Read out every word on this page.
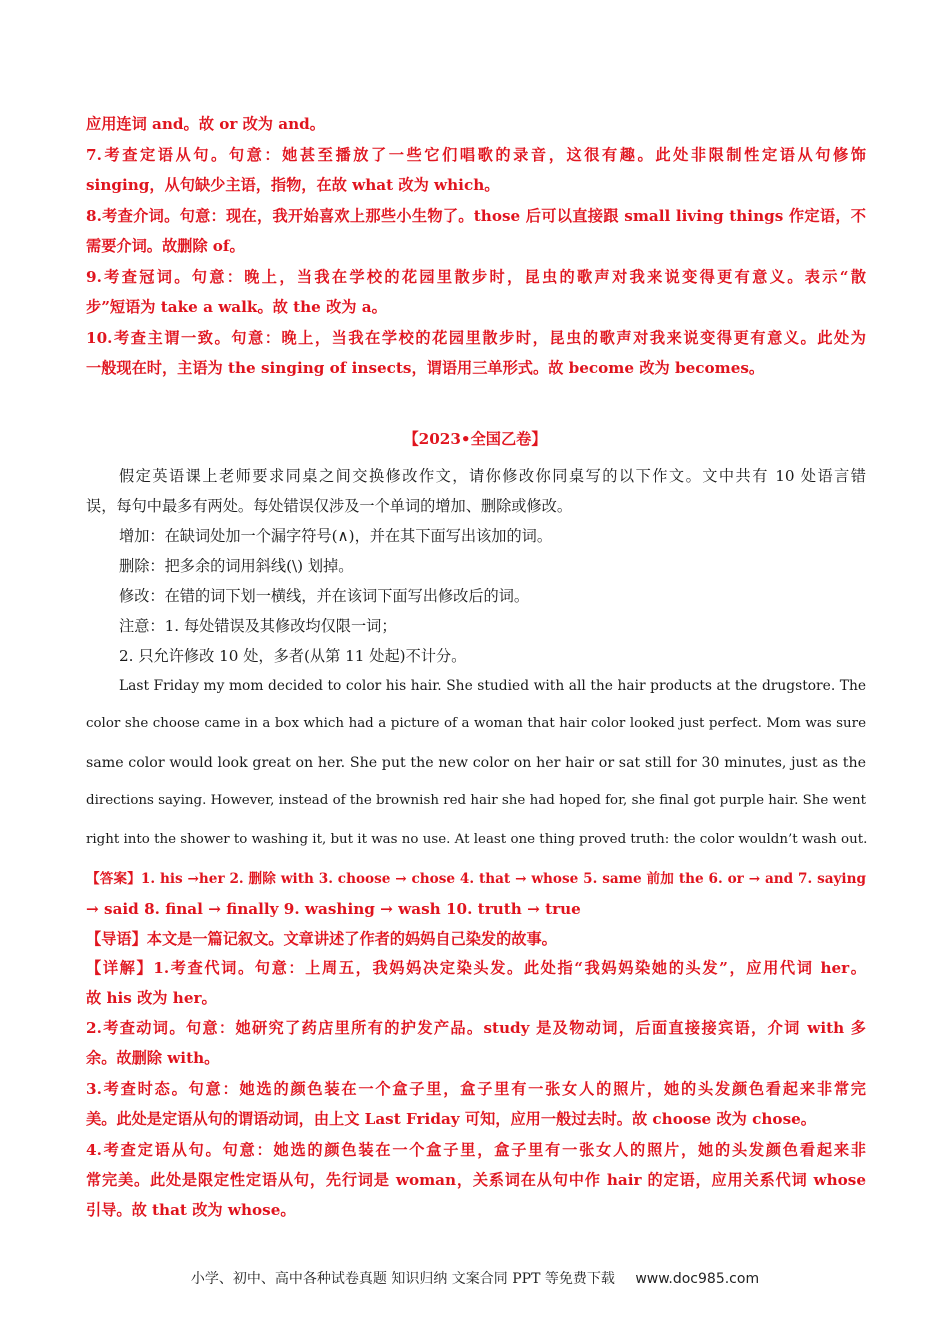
应用连词 and。故 or 改为 and。
7.考查定语从句。句意：她甚至播放了一些它们唱歌的录音，这很有趣。此处非限制性定语从句修饰
singing，从句缺少主语，指物，在故 what 改为 which。
8.考查介词。句意：现在，我开始喜欢上那些小生物了。those 后可以直接跟 small living things 作定语，不
需要介词。故删除 of。
9.考查冠词。句意：晚上，当我在学校的花园里散步时，昆虫的歌声对我来说变得更有意义。表示“散
步”短语为 take a walk。故 the 改为 a。
10.考查主谓一致。句意：晚上，当我在学校的花园里散步时，昆虫的歌声对我来说变得更有意义。此处为
一般现在时，主语为 the singing of insects，谓语用三单形式。故 become 改为 becomes。
【2023•全国乙卷】
假定英语课上老师要求同桌之间交换修改作文，请你修改你同桌写的以下作文。文中共有 10 处语言错
误，每句中最多有两处。每处错误仅涉及一个单词的增加、删除或修改。
增加：在缺词处加一个漏字符号(∧)，并在其下面写出该加的词。
删除：把多余的词用斜线(\) 划掉。
修改：在错的词下划一横线，并在该词下面写出修改后的词。
注意：1. 每处错误及其修改均仅限一词；
2. 只允许修改 10 处，多者(从第 11 处起)不计分。
Last Friday my mom decided to color his hair. She studied with all the hair products at the drugstore. The
color she choose came in a box which had a picture of a woman that hair color looked just perfect. Mom was sure
same color would look great on her. She put the new color on her hair or sat still for 30 minutes, just as the
directions saying. However, instead of the brownish red hair she had hoped for, she final got purple hair. She went
right into the shower to washing it, but it was no use. At least one thing proved truth: the color wouldn’t wash out.
【答案】1. his →her 2. 删除 with 3. choose → chose 4. that → whose 5. same 前加 the 6. or → and 7. saying
→ said 8. final → finally 9. washing → wash 10. truth → true
【导语】本文是一篇记叙文。文章讲述了作者的妈妈自己染发的故事。
【详解】1.考查代词。句意：上周五，我妈妈决定染头发。此处指“我妈妈染她的头发”，应用代词 her。
故 his 改为 her。
2.考查动词。句意：她研究了药店里所有的护发产品。study 是及物动词，后面直接接宾语，介词 with 多
余。故删除 with。
3.考查时态。句意：她选的颜色装在一个盒子里，盒子里有一张女人的照片，她的头发颜色看起来非常完
美。此处是定语从句的谓语动词，由上文 Last Friday 可知，应用一般过去时。故 choose 改为 chose。
4.考查定语从句。句意：她选的颜色装在一个盒子里，盒子里有一张女人的照片，她的头发颜色看起来非
常完美。此处是限定性定语从句，先行词是 woman，关系词在从句中作 hair 的定语，应用关系代词 whose
引导。故 that 改为 whose。
小学、初中、高中各种试卷真题 知识归纳 文案合同 PPT 等免费下载 www.doc985.com
